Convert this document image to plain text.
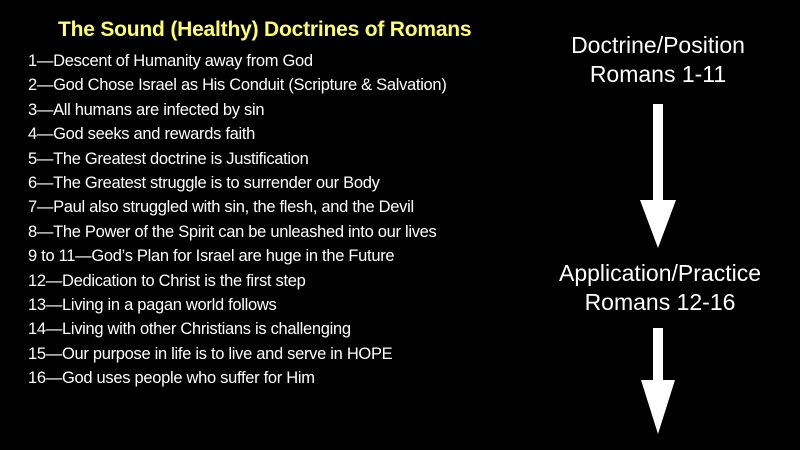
The Sound (Healthy) Doctrines of Romans
1—Descent of Humanity away from God
2—God Chose Israel as His Conduit (Scripture & Salvation)
3—All humans are infected by sin
4—God seeks and rewards faith
5—The Greatest doctrine is Justification
6—The Greatest struggle is to surrender our Body
7—Paul also struggled with sin, the flesh, and the Devil
8—The Power of the Spirit can be unleashed into our lives
9 to 11—God’s Plan for Israel are huge in the Future
12—Dedication to Christ is the first step
13—Living in a pagan world follows
14—Living with other Christians is challenging
15—Our purpose in life is to live and serve in HOPE
16—God uses people who suffer for Him
Doctrine/Position
Romans 1-11
Application/Practice
Romans 12-16
